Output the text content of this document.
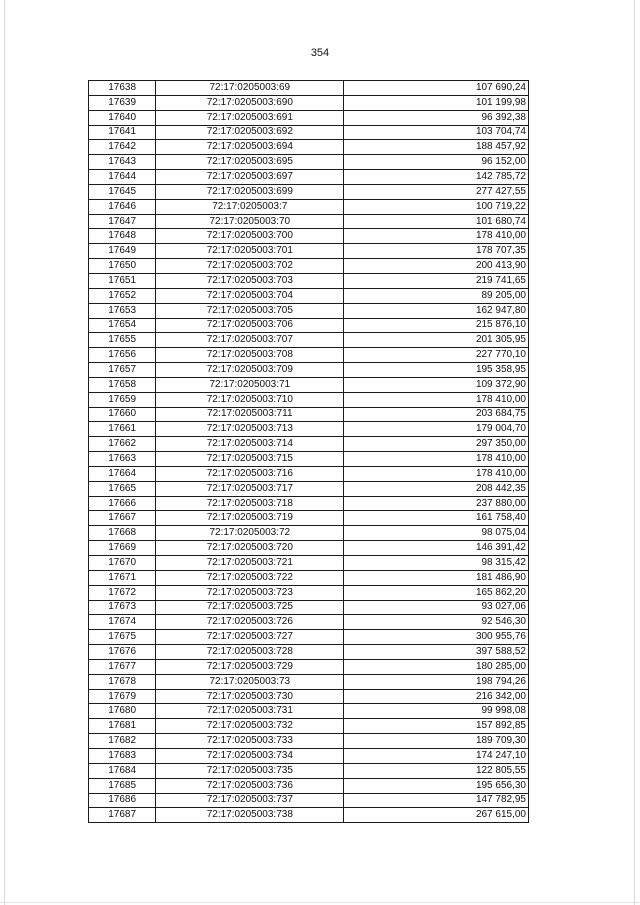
354
17638	72:17:0205003:69	107 690,24
17639	72:17:0205003:690	101 199,98
17640	72:17:0205003:691	96 392,38
17641	72:17:0205003:692	103 704,74
17642	72:17:0205003:694	188 457,92
17643	72:17:0205003:695	96 152,00
17644	72:17:0205003:697	142 785,72
17645	72:17:0205003:699	277 427,55
17646	72:17:0205003:7	100 719,22
17647	72:17:0205003:70	101 680,74
17648	72:17:0205003:700	178 410,00
17649	72:17:0205003:701	178 707,35
17650	72:17:0205003:702	200 413,90
17651	72:17:0205003:703	219 741,65
17652	72:17:0205003:704	89 205,00
17653	72:17:0205003:705	162 947,80
17654	72:17:0205003:706	215 876,10
17655	72:17:0205003:707	201 305,95
17656	72:17:0205003:708	227 770,10
17657	72:17:0205003:709	195 358,95
17658	72:17:0205003:71	109 372,90
17659	72:17:0205003:710	178 410,00
17660	72:17:0205003:711	203 684,75
17661	72:17:0205003:713	179 004,70
17662	72:17:0205003:714	297 350,00
17663	72:17:0205003:715	178 410,00
17664	72:17:0205003:716	178 410,00
17665	72:17:0205003:717	208 442,35
17666	72:17:0205003:718	237 880,00
17667	72:17:0205003:719	161 758,40
17668	72:17:0205003:72	98 075,04
17669	72:17:0205003:720	146 391,42
17670	72:17:0205003:721	98 315,42
17671	72:17:0205003:722	181 486,90
17672	72:17:0205003:723	165 862,20
17673	72:17:0205003:725	93 027,06
17674	72:17:0205003:726	92 546,30
17675	72:17:0205003:727	300 955,76
17676	72:17:0205003:728	397 588,52
17677	72:17:0205003:729	180 285,00
17678	72:17:0205003:73	198 794,26
17679	72:17:0205003:730	216 342,00
17680	72:17:0205003:731	99 998,08
17681	72:17:0205003:732	157 892,85
17682	72:17:0205003:733	189 709,30
17683	72:17:0205003:734	174 247,10
17684	72:17:0205003:735	122 805,55
17685	72:17:0205003:736	195 656,30
17686	72:17:0205003:737	147 782,95
17687	72:17:0205003:738	267 615,00
